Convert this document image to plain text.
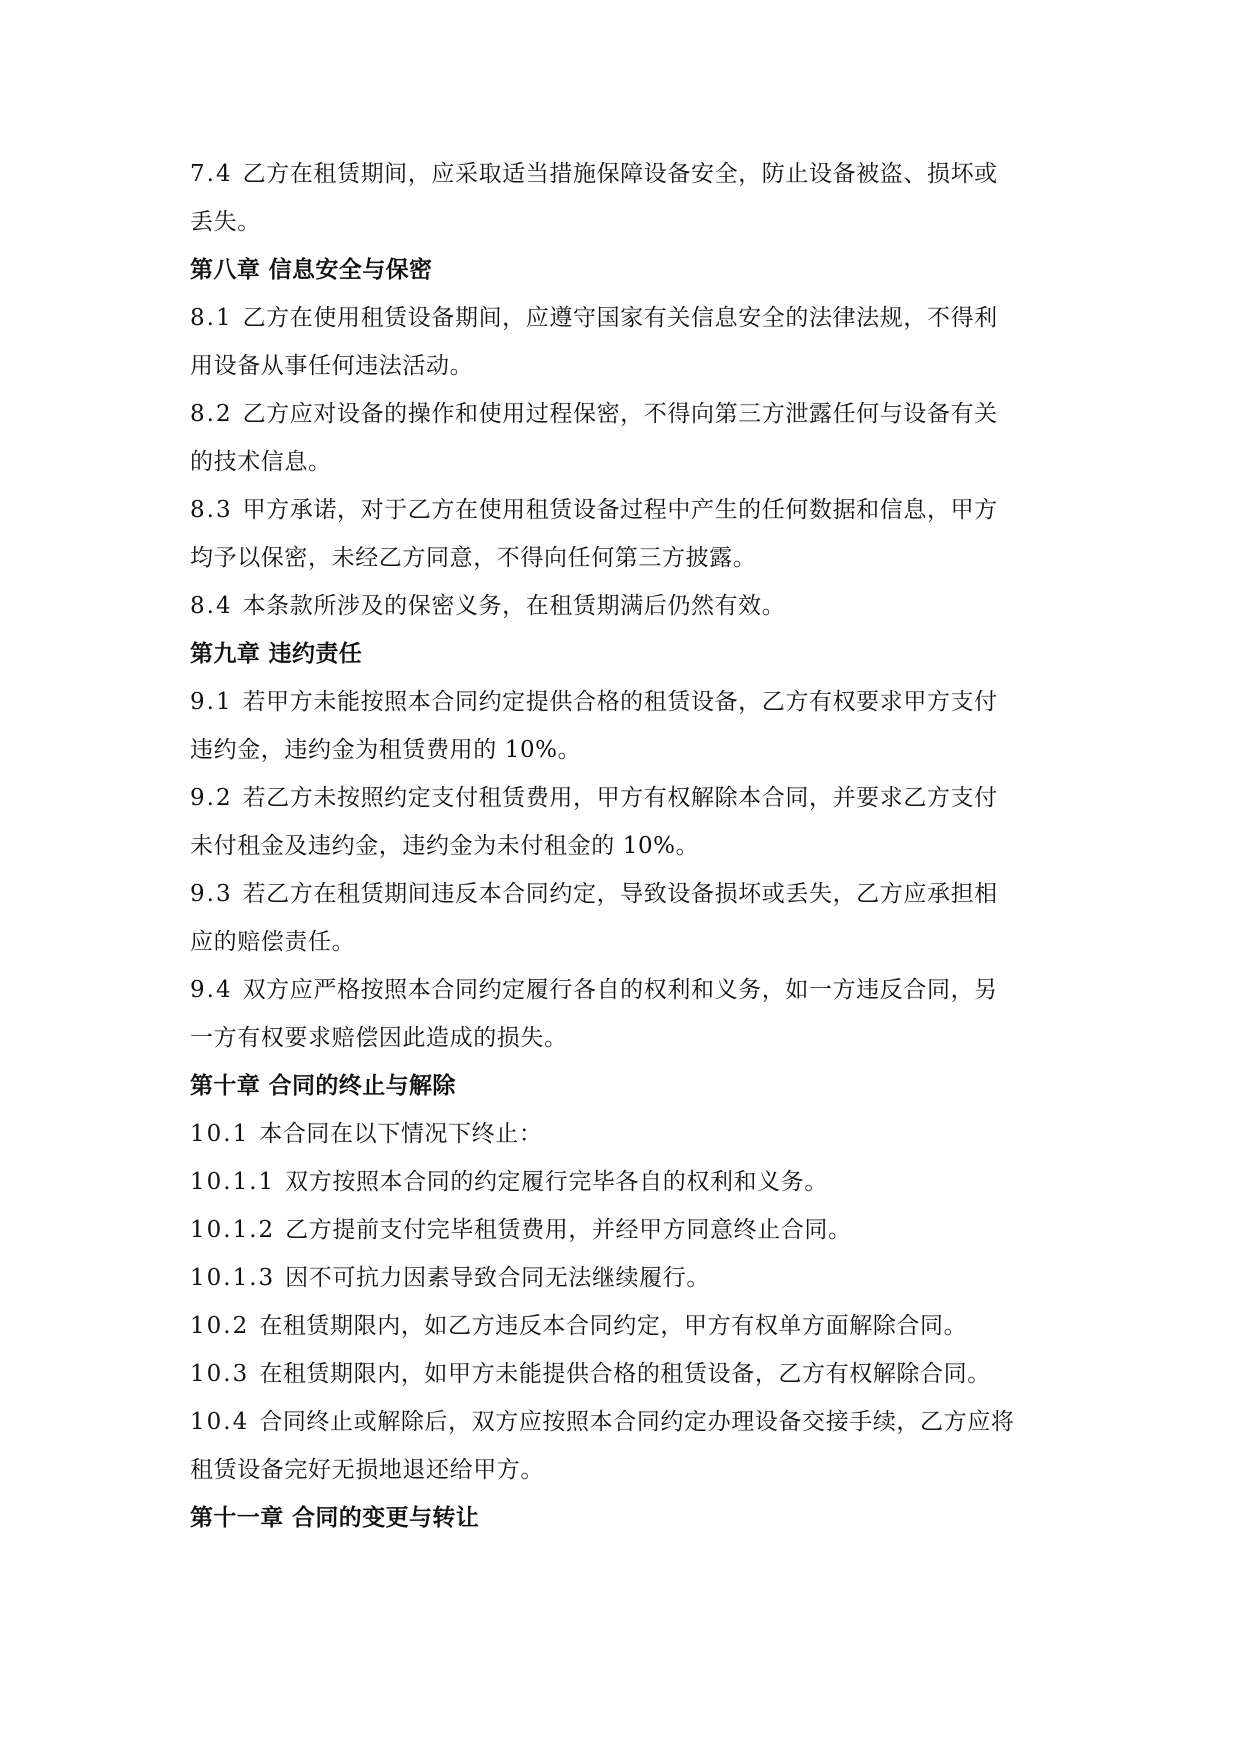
7.4 乙方在租赁期间，应采取适当措施保障设备安全，防止设备被盗、损坏或
丢失。
第八章 信息安全与保密
8.1 乙方在使用租赁设备期间，应遵守国家有关信息安全的法律法规，不得利
用设备从事任何违法活动。
8.2 乙方应对设备的操作和使用过程保密，不得向第三方泄露任何与设备有关
的技术信息。
8.3 甲方承诺，对于乙方在使用租赁设备过程中产生的任何数据和信息，甲方
均予以保密，未经乙方同意，不得向任何第三方披露。
8.4 本条款所涉及的保密义务，在租赁期满后仍然有效。
第九章 违约责任
9.1 若甲方未能按照本合同约定提供合格的租赁设备，乙方有权要求甲方支付
违约金，违约金为租赁费用的 10%。
9.2 若乙方未按照约定支付租赁费用，甲方有权解除本合同，并要求乙方支付
未付租金及违约金，违约金为未付租金的 10%。
9.3 若乙方在租赁期间违反本合同约定，导致设备损坏或丢失，乙方应承担相
应的赔偿责任。
9.4 双方应严格按照本合同约定履行各自的权利和义务，如一方违反合同，另
一方有权要求赔偿因此造成的损失。
第十章 合同的终止与解除
10.1 本合同在以下情况下终止：
10.1.1 双方按照本合同的约定履行完毕各自的权利和义务。
10.1.2 乙方提前支付完毕租赁费用，并经甲方同意终止合同。
10.1.3 因不可抗力因素导致合同无法继续履行。
10.2 在租赁期限内，如乙方违反本合同约定，甲方有权单方面解除合同。
10.3 在租赁期限内，如甲方未能提供合格的租赁设备，乙方有权解除合同。
10.4 合同终止或解除后，双方应按照本合同约定办理设备交接手续，乙方应将
租赁设备完好无损地退还给甲方。
第十一章 合同的变更与转让
